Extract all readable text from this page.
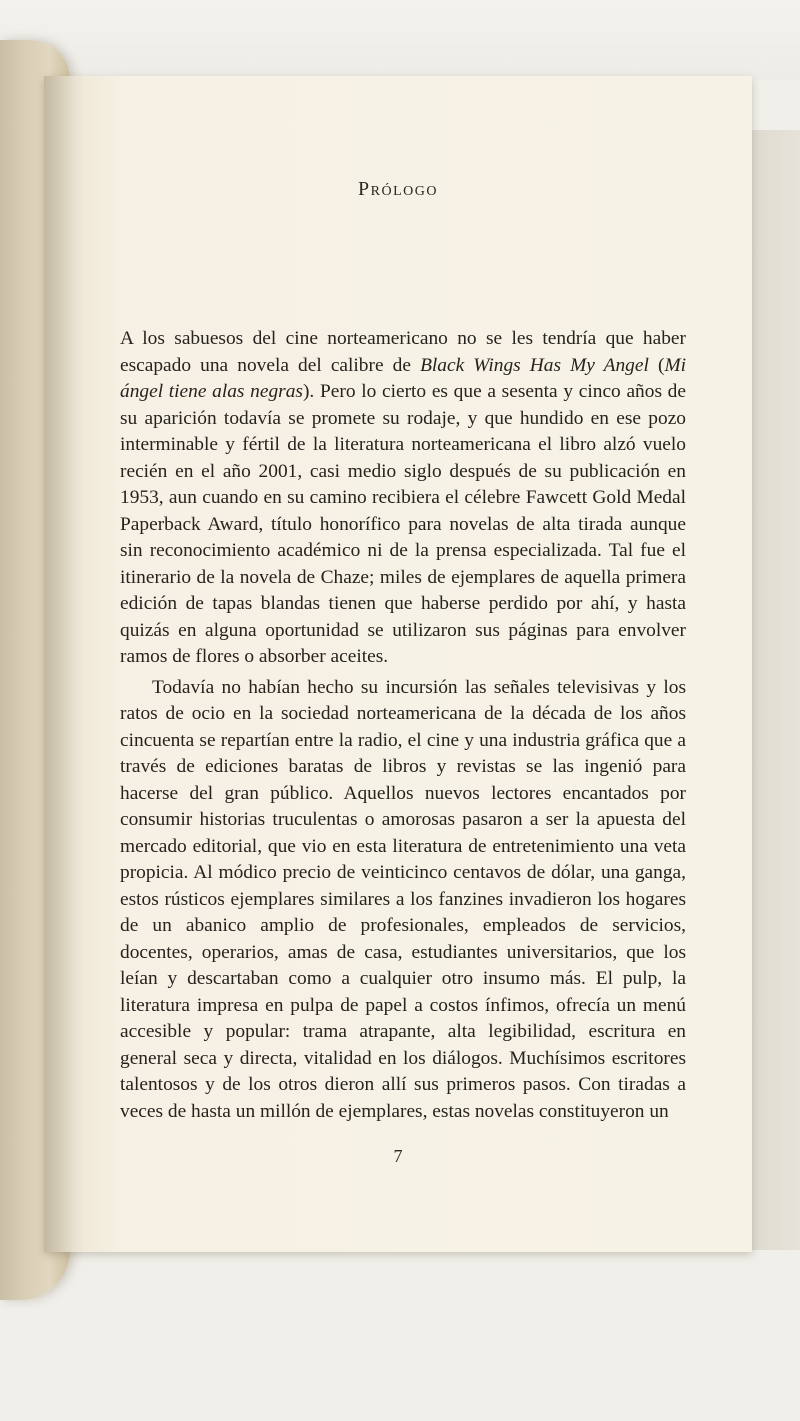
Prólogo

A los sabuesos del cine norteamericano no se les tendría que haber escapado una novela del calibre de Black Wings Has My Angel (Mi ángel tiene alas negras). Pero lo cierto es que a sesenta y cinco años de su aparición todavía se promete su rodaje, y que hundido en ese pozo interminable y fértil de la literatura norteamericana el libro alzó vuelo recién en el año 2001, casi medio siglo después de su publicación en 1953, aun cuando en su camino recibiera el célebre Fawcett Gold Medal Paperback Award, título honorífico para novelas de alta tirada aunque sin reconocimiento académico ni de la prensa especializada. Tal fue el itinerario de la novela de Chaze; miles de ejemplares de aquella primera edición de tapas blandas tienen que haberse perdido por ahí, y hasta quizás en alguna oportunidad se utilizaron sus páginas para envolver ramos de flores o absorber aceites.

Todavía no habían hecho su incursión las señales televisivas y los ratos de ocio en la sociedad norteamericana de la década de los años cincuenta se repartían entre la radio, el cine y una industria gráfica que a través de ediciones baratas de libros y revistas se las ingenió para hacerse del gran público. Aquellos nuevos lectores encantados por consumir historias truculentas o amorosas pasaron a ser la apuesta del mercado editorial, que vio en esta literatura de entretenimiento una veta propicia. Al módico precio de veinticinco centavos de dólar, una ganga, estos rústicos ejemplares similares a los fanzines invadieron los hogares de un abanico amplio de profesionales, empleados de servicios, docentes, operarios, amas de casa, estudiantes universitarios, que los leían y descartaban como a cualquier otro insumo más. El pulp, la literatura impresa en pulpa de papel a costos ínfimos, ofrecía un menú accesible y popular: trama atrapante, alta legibilidad, escritura en general seca y directa, vitalidad en los diálogos. Muchísimos escritores talentosos y de los otros dieron allí sus primeros pasos. Con tiradas a veces de hasta un millón de ejemplares, estas novelas constituyeron un

7
